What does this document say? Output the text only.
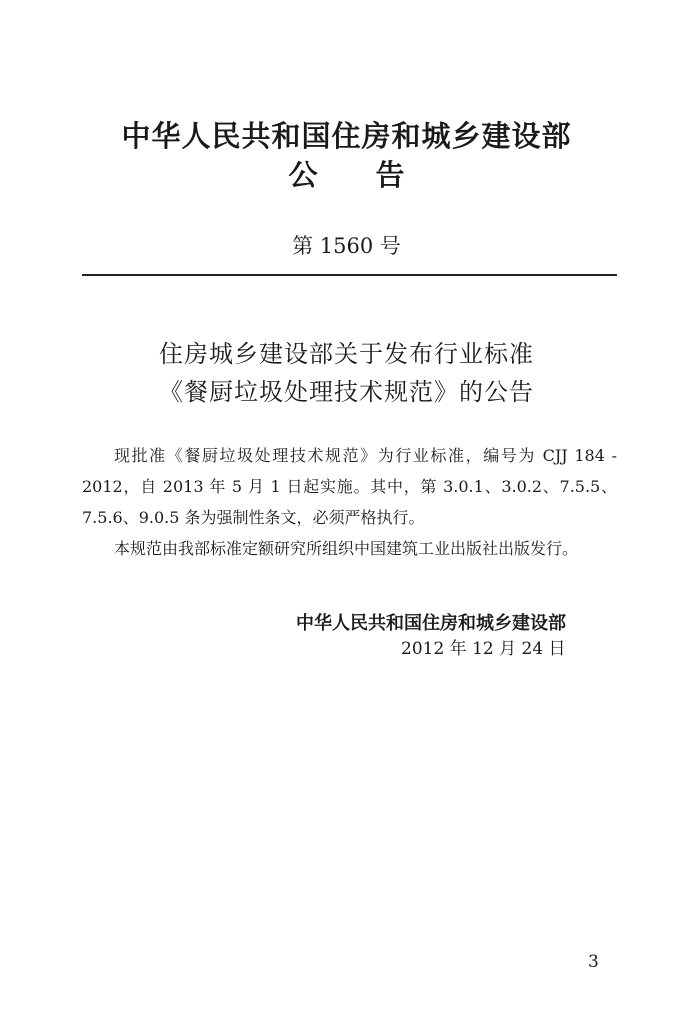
中华人民共和国住房和城乡建设部
公 告
第 1560 号
住房城乡建设部关于发布行业标准
《餐厨垃圾处理技术规范》的公告

现批准《餐厨垃圾处理技术规范》为行业标准，编号为 CJJ 184 - 2012，自 2013 年 5 月 1 日起实施。其中，第 3.0.1、3.0.2、7.5.5、7.5.6、9.0.5 条为强制性条文，必须严格执行。

本规范由我部标准定额研究所组织中国建筑工业出版社出版发行。

中华人民共和国住房和城乡建设部
2012 年 12 月 24 日
3
